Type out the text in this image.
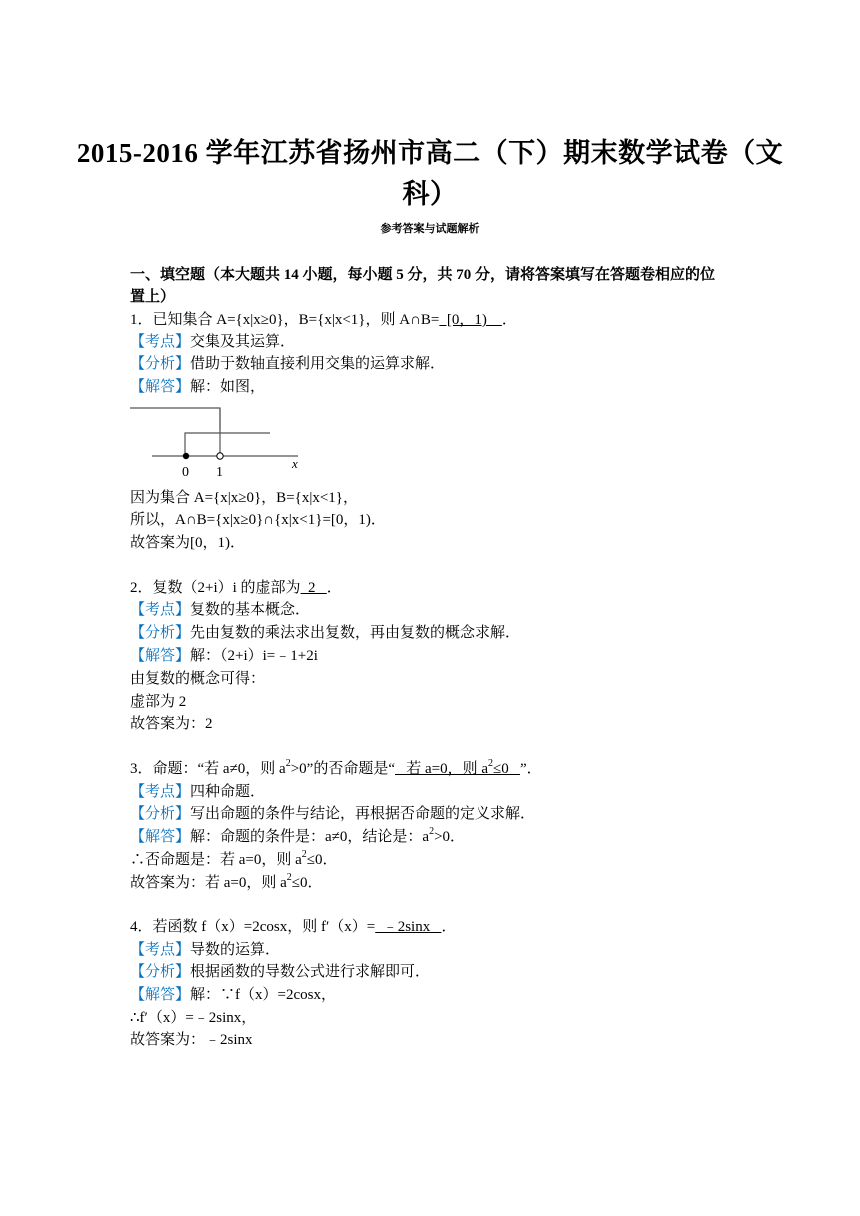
2015-2016 学年江苏省扬州市高二（下）期末数学试卷（文
科）
参考答案与试题解析
一、填空题（本大题共 14 小题，每小题 5 分，共 70 分，请将答案填写在答题卷相应的位
置上）
1．已知集合 A={x|x≥0}，B={x|x<1}，则 A∩B=  [0，1)    ．
【考点】交集及其运算．
【分析】借助于数轴直接利用交集的运算求解．
【解答】解：如图，
0 1
x
因为集合 A={x|x≥0}，B={x|x<1}，
所以，A∩B={x|x≥0}∩{x|x<1}=[0，1)．
故答案为[0，1)．
2．复数（2+i）i 的虚部为  2   ．
【考点】复数的基本概念．
【分析】先由复数的乘法求出复数，再由复数的概念求解．
【解答】解：（2+i）i=﹣1+2i
由复数的概念可得：
虚部为 2
故答案为：2
3．命题：“若 a≠0，则 $a^2>0$”的否命题是“   若 a=0，则 $a^2\le 0$   ”．
【考点】四种命题．
【分析】写出命题的条件与结论，再根据否命题的定义求解．
【解答】解：命题的条件是：a≠0，结论是：$a^2>0$．
∴否命题是：若 a=0，则 $a^2\le 0$．
故答案为：若 a=0，则 $a^2\le 0$．
4．若函数 f（x）=2cosx，则 f′（x）=  ﹣2sinx   ．
【考点】导数的运算．
【分析】根据函数的导数公式进行求解即可．
【解答】解：∵f（x）=2cosx，
∴f′（x）=﹣2sinx，
故答案为：﹣2sinx
